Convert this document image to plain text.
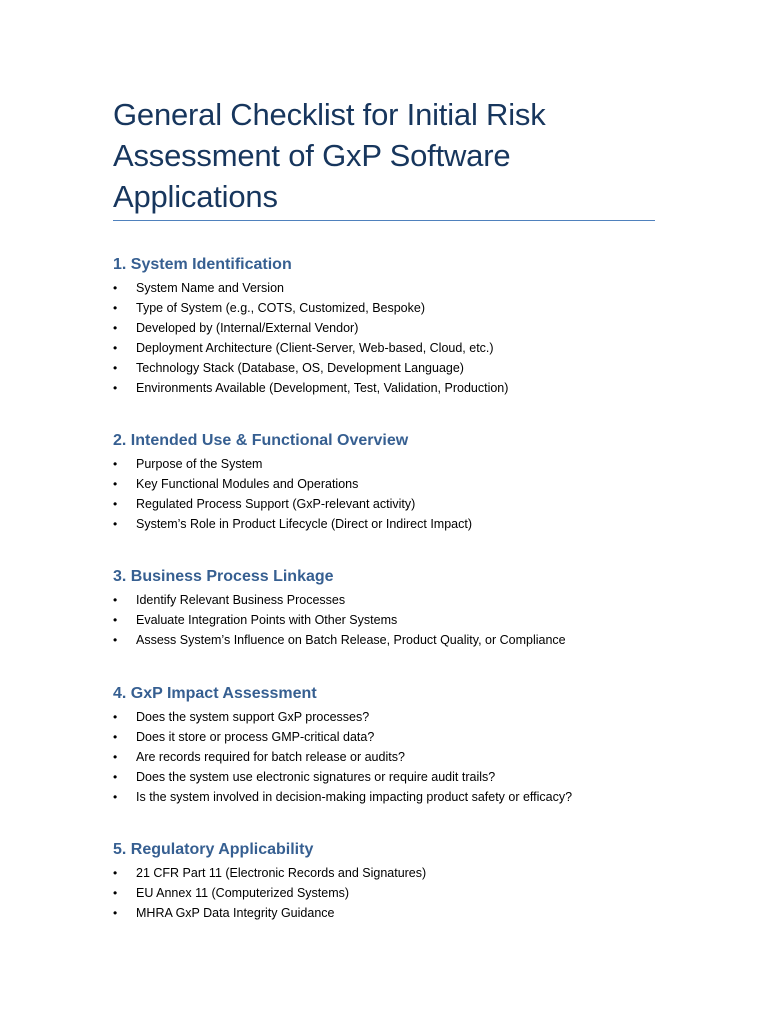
General Checklist for Initial Risk Assessment of GxP Software Applications
1. System Identification
• System Name and Version
• Type of System (e.g., COTS, Customized, Bespoke)
• Developed by (Internal/External Vendor)
• Deployment Architecture (Client-Server, Web-based, Cloud, etc.)
• Technology Stack (Database, OS, Development Language)
• Environments Available (Development, Test, Validation, Production)
2. Intended Use & Functional Overview
• Purpose of the System
• Key Functional Modules and Operations
• Regulated Process Support (GxP-relevant activity)
• System’s Role in Product Lifecycle (Direct or Indirect Impact)
3. Business Process Linkage
• Identify Relevant Business Processes
• Evaluate Integration Points with Other Systems
• Assess System’s Influence on Batch Release, Product Quality, or Compliance
4. GxP Impact Assessment
• Does the system support GxP processes?
• Does it store or process GMP-critical data?
• Are records required for batch release or audits?
• Does the system use electronic signatures or require audit trails?
• Is the system involved in decision-making impacting product safety or efficacy?
5. Regulatory Applicability
• 21 CFR Part 11 (Electronic Records and Signatures)
• EU Annex 11 (Computerized Systems)
• MHRA GxP Data Integrity Guidance
